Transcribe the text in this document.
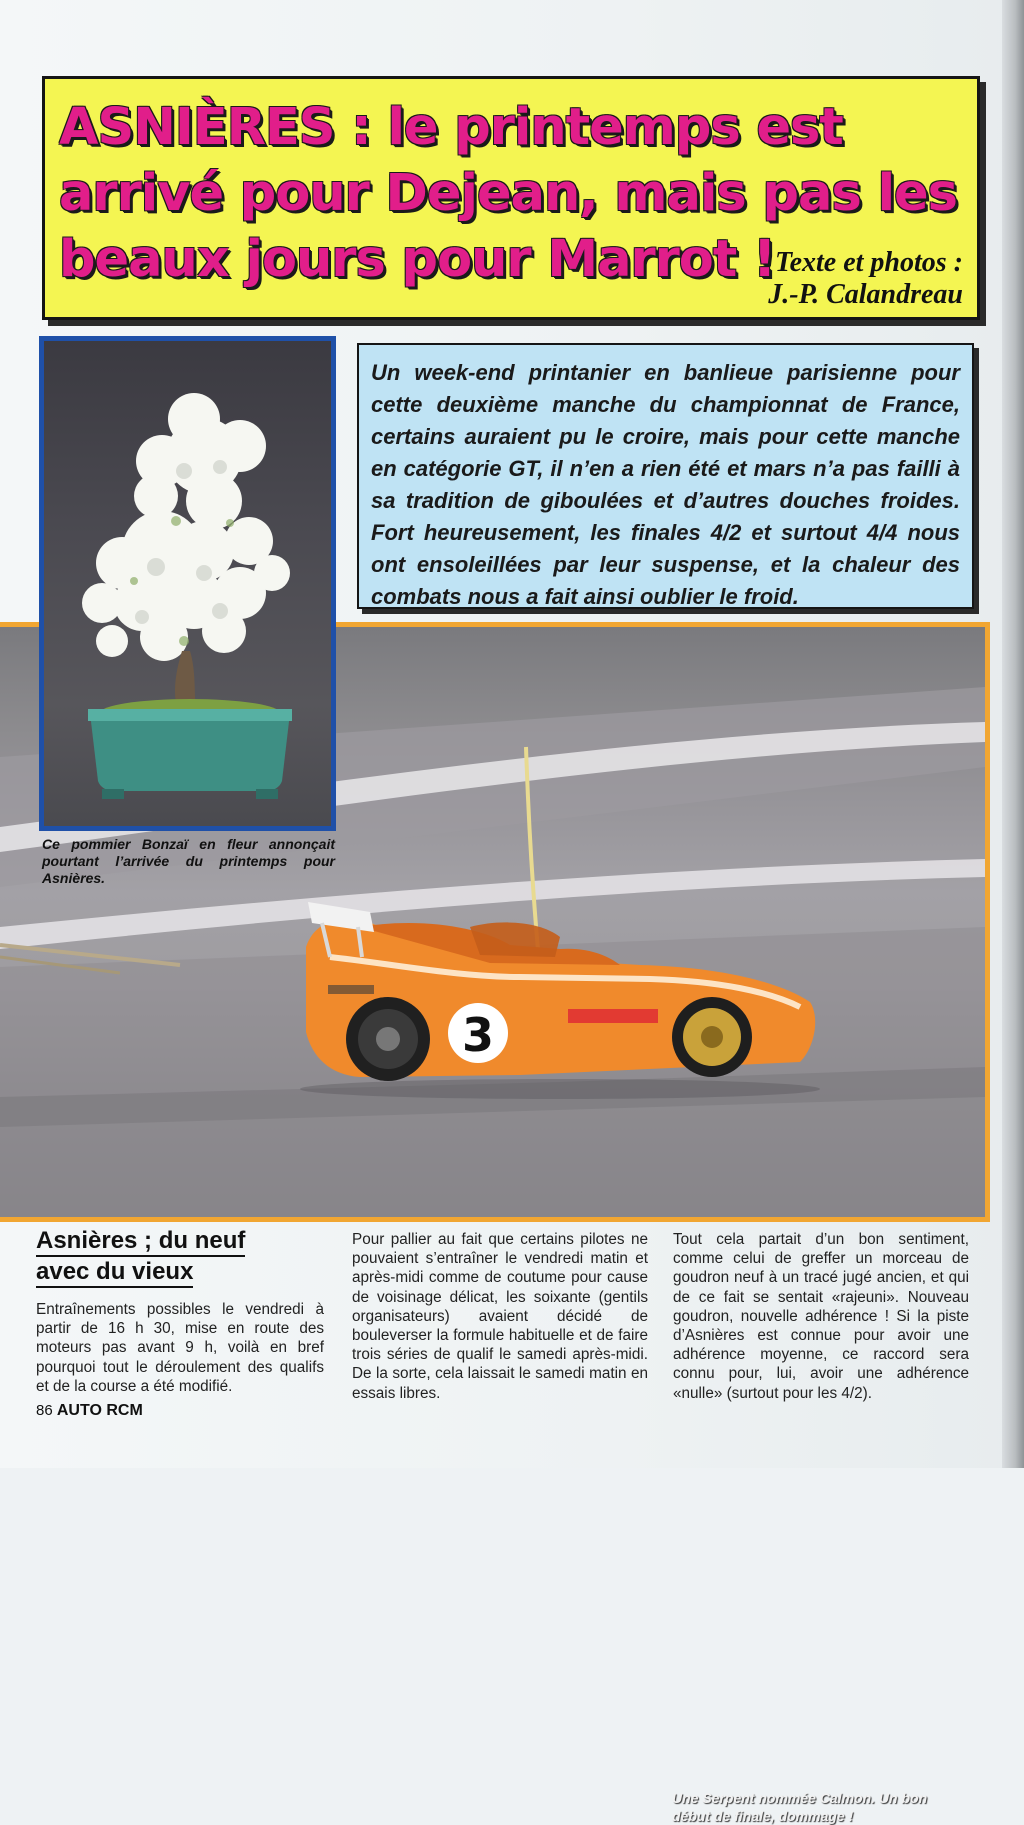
ASNIÈRES : le printemps est arrivé pour Dejean, mais pas les beaux jours pour Marrot ! Texte et photos :
J.-P. Calandreau
3
Une Serpent nommée Calmon. Un bon début de finale, dommage !
Ce pommier Bonzaï en fleur annonçait pourtant l’arrivée du printemps pour Asnières.

Un week-end printanier en banlieue parisienne pour cette deuxième manche du championnat de France, certains auraient pu le croire, mais pour cette manche en catégorie GT, il n’en a rien été et mars n’a pas failli à sa tradition de giboulées et d’autres douches froides. Fort heureusement, les finales 4/2 et surtout 4/4 nous ont ensoleillées par leur suspense, et la chaleur des combats nous a fait ainsi oublier le froid.

Asnières ; du neuf
avec du vieux
Entraînements possibles le vendredi à partir de 16 h 30, mise en route des moteurs pas avant 9 h, voilà en bref pourquoi tout le déroulement des qualifs et de la course a été modifié.
Pour pallier au fait que certains pilotes ne pouvaient s’entraîner le vendredi matin et après-midi comme de coutume pour cause de voisinage délicat, les soixante (gentils organisateurs) avaient décidé de bouleverser la formule habituelle et de faire trois séries de qualif le samedi après-midi. De la sorte, cela laissait le samedi matin en essais libres.
Tout cela partait d’un bon sentiment, comme celui de greffer un morceau de goudron neuf à un tracé jugé ancien, et qui de ce fait se sentait «rajeuni». Nouveau goudron, nouvelle adhérence ! Si la piste d’Asnières est connue pour avoir une adhérence moyenne, ce raccord sera connu pour, lui, avoir une adhérence «nulle» (surtout pour les 4/2).
86 AUTO RCM
